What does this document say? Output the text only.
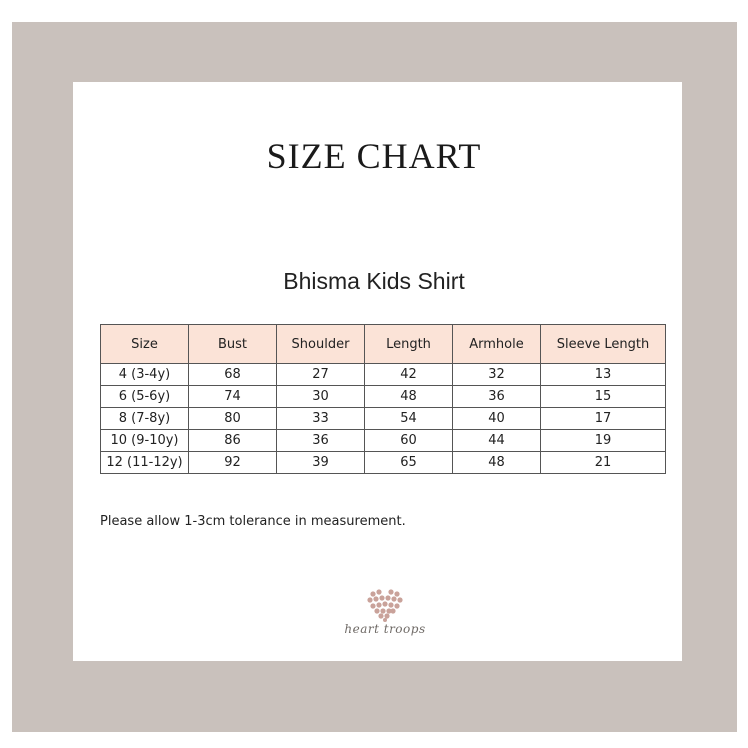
SIZE CHART
Bhisma Kids Shirt
Size	Bust	Shoulder	Length	Armhole	Sleeve Length
4 (3-4y)	68	27	42	32	13
6 (5-6y)	74	30	48	36	15
8 (7-8y)	80	33	54	40	17
10 (9-10y)	86	36	60	44	19
12 (11-12y)	92	39	65	48	21
Please allow 1-3cm tolerance in measurement.
heart troops
